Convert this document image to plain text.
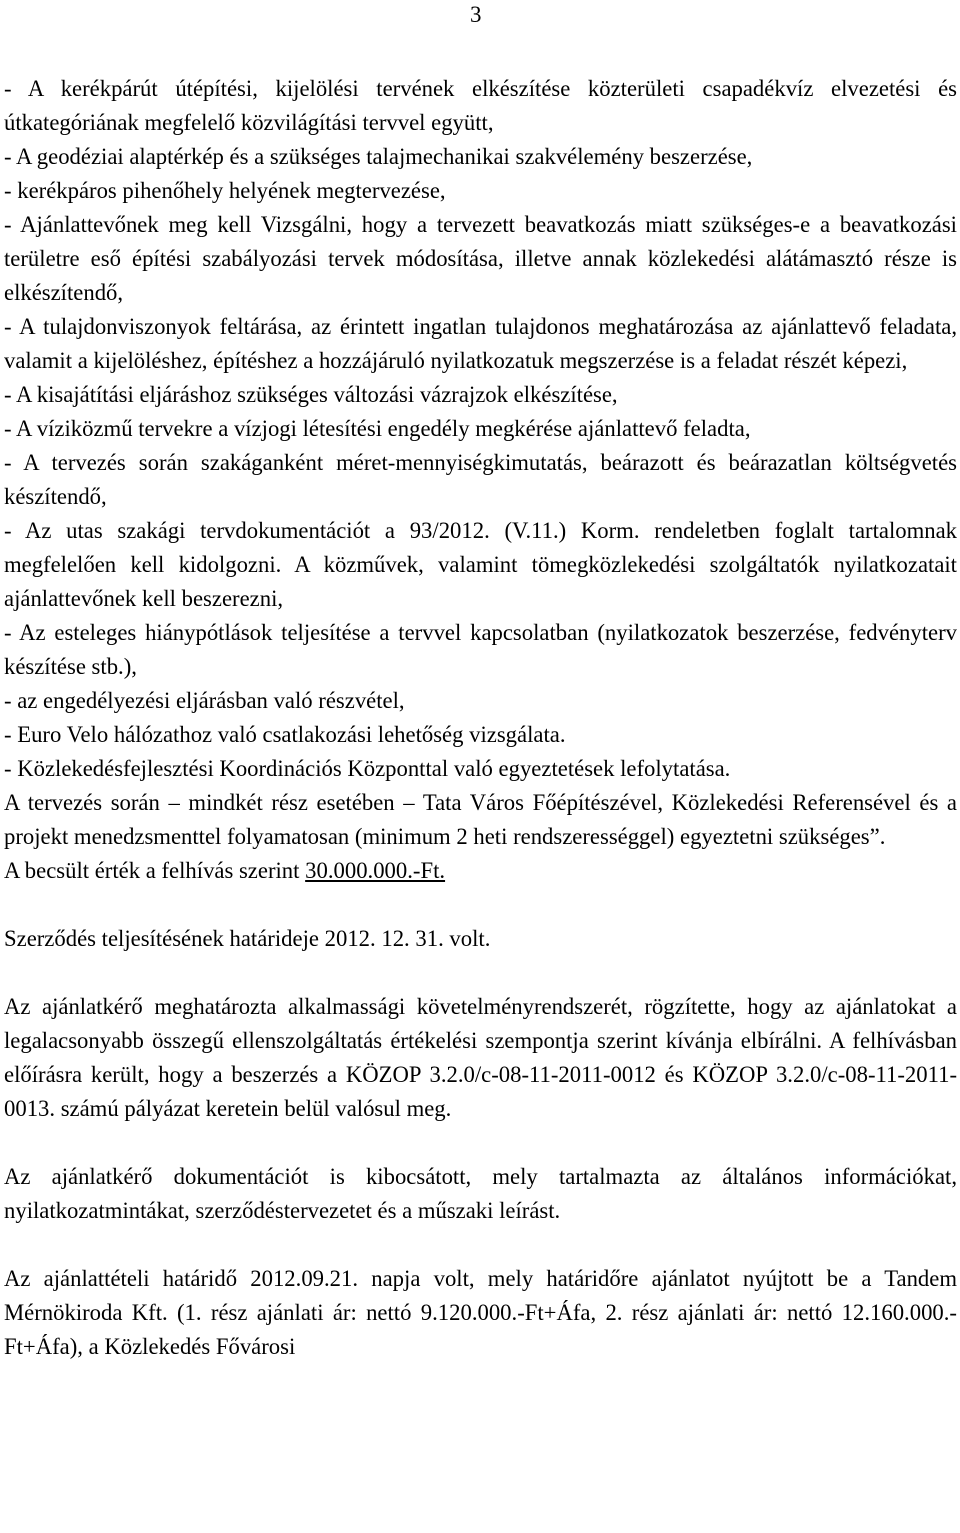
3

- A kerékpárút útépítési, kijelölési tervének elkészítése közterületi csapadékvíz elvezetési és útkategóriának megfelelő közvilágítási tervvel együtt,

- A geodéziai alaptérkép és a szükséges talajmechanikai szakvélemény beszerzése,

- kerékpáros pihenőhely helyének megtervezése,

- Ajánlattevőnek meg kell Vizsgálni, hogy a tervezett beavatkozás miatt szükséges-e a beavatkozási területre eső építési szabályozási tervek módosítása, illetve annak közlekedési alátámasztó része is elkészítendő,

- A tulajdonviszonyok feltárása, az érintett ingatlan tulajdonos meghatározása az ajánlattevő feladata, valamit a kijelöléshez, építéshez a hozzájáruló nyilatkozatuk megszerzése is a feladat részét képezi,

- A kisajátítási eljáráshoz szükséges változási vázrajzok elkészítése,

- A víziközmű tervekre a vízjogi létesítési engedély megkérése ajánlattevő feladta,

- A tervezés során szakáganként méret-mennyiségkimutatás, beárazott és beárazatlan költségvetés készítendő,

- Az utas szakági tervdokumentációt a 93/2012. (V.11.) Korm. rendeletben foglalt tartalomnak megfelelően kell kidolgozni. A közművek, valamint tömegközlekedési szolgáltatók nyilatkozatait ajánlattevőnek kell beszerezni,

- Az esteleges hiánypótlások teljesítése a tervvel kapcsolatban (nyilatkozatok beszerzése, fedvényterv készítése stb.),

- az engedélyezési eljárásban való részvétel,

- Euro Velo hálózathoz való csatlakozási lehetőség vizsgálata.

- Közlekedésfejlesztési Koordinációs Központtal való egyeztetések lefolytatása.

A tervezés során – mindkét rész esetében – Tata Város Főépítészével, Közlekedési Referensével és a projekt menedzsmenttel folyamatosan (minimum 2 heti rendszerességgel) egyeztetni szükséges”.

A becsült érték a felhívás szerint 30.000.000.-Ft.

Szerződés teljesítésének határideje 2012. 12. 31. volt.

Az ajánlatkérő meghatározta alkalmassági követelményrendszerét, rögzítette, hogy az ajánlatokat a legalacsonyabb összegű ellenszolgáltatás értékelési szempontja szerint kívánja elbírálni. A felhívásban előírásra került, hogy a beszerzés a KÖZOP 3.2.0/c-08-11-2011-0012 és KÖZOP 3.2.0/c-08-11-2011-0013. számú pályázat keretein belül valósul meg.

Az ajánlatkérő dokumentációt is kibocsátott, mely tartalmazta az általános információkat, nyilatkozatmintákat, szerződéstervezetet és a műszaki leírást.

Az ajánlattételi határidő 2012.09.21. napja volt, mely határidőre ajánlatot nyújtott be a Tandem Mérnökiroda Kft. (1. rész ajánlati ár: nettó 9.120.000.-Ft+Áfa, 2. rész ajánlati ár: nettó 12.160.000.-Ft+Áfa), a Közlekedés Fővárosi
